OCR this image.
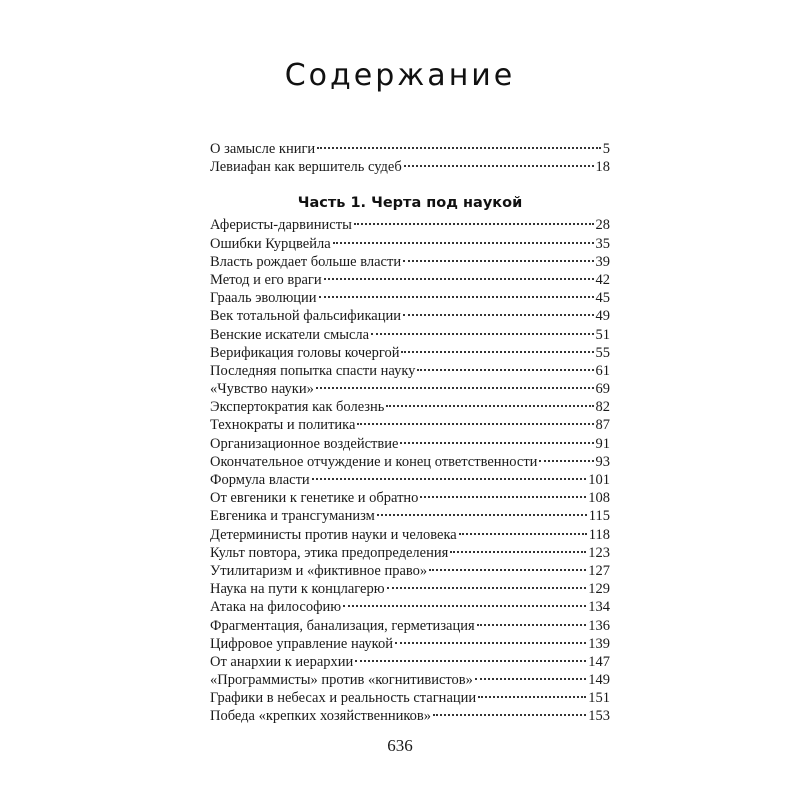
Содержание
О замысле книги	5
Левиафан как вершитель судеб	18
Часть 1. Черта под наукой
Аферисты-дарвинисты	28
Ошибки Курцвейла	35
Власть рождает больше власти	39
Метод и его враги	42
Грааль эволюции	45
Век тотальной фальсификации	49
Венские искатели смысла	51
Верификация головы кочергой	55
Последняя попытка спасти науку	61
«Чувство науки»	69
Экспертократия как болезнь	82
Технократы и политика	87
Организационное воздействие	91
Окончательное отчуждение и конец ответственности	93
Формула власти	101
От евгеники к генетике и обратно	108
Евгеника и трансгуманизм	115
Детерминисты против науки и человека	118
Культ повтора, этика предопределения	123
Утилитаризм и «фиктивное право»	127
Наука на пути к концлагерю	129
Атака на философию	134
Фрагментация, банализация, герметизация	136
Цифровое управление наукой	139
От анархии к иерархии	147
«Программисты» против «когнитивистов»	149
Графики в небесах и реальность стагнации	151
Победа «крепких хозяйственников»	153
636
